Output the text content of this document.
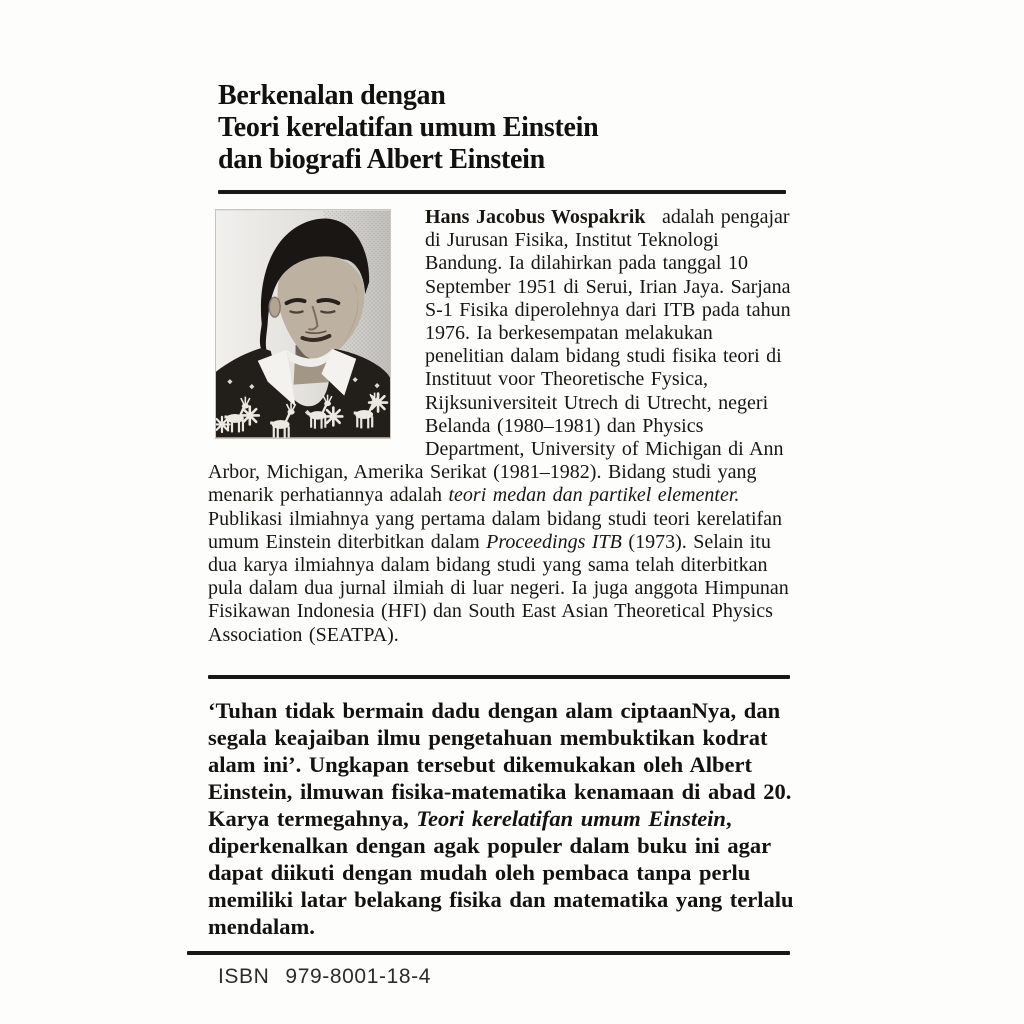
Berkenalan dengan
Teori kerelatifan umum Einstein
dan biografi Albert Einstein

Hans Jacobus Wospakrik  adalah pengajar di Jurusan Fisika, Institut Teknologi Bandung. Ia dilahirkan pada tanggal 10 September 1951 di Serui, Irian Jaya. Sarjana S-1 Fisika diperolehnya dari ITB pada tahun 1976. Ia berkesempatan melakukan penelitian dalam bidang studi fisika teori di Instituut voor Theoretische Fysica, Rijksuniversiteit Utrech di Utrecht, negeri Belanda (1980–1981) dan Physics Department, University of Michigan di Ann Arbor, Michigan, Amerika Serikat (1981–1982). Bidang studi yang menarik perhatiannya adalah teori medan dan partikel elementer. Publikasi ilmiahnya yang pertama dalam bidang studi teori kerelatifan umum Einstein diterbitkan dalam Proceedings ITB (1973). Selain itu dua karya ilmiahnya dalam bidang studi yang sama telah diterbitkan pula dalam dua jurnal ilmiah di luar negeri. Ia juga anggota Himpunan Fisikawan Indonesia (HFI) dan South East Asian Theoretical Physics Association (SEATPA).

‘Tuhan tidak bermain dadu dengan alam ciptaanNya, dan segala keajaiban ilmu pengetahuan membuktikan kodrat alam ini’. Ungkapan tersebut dikemukakan oleh Albert Einstein, ilmuwan fisika-matematika kenamaan di abad 20. Karya termegahnya, Teori kerelatifan umum Einstein, diperkenalkan dengan agak populer dalam buku ini agar dapat diikuti dengan mudah oleh pembaca tanpa perlu memiliki latar belakang fisika dan matematika yang terlalu mendalam.

ISBN 979-8001-18-4
